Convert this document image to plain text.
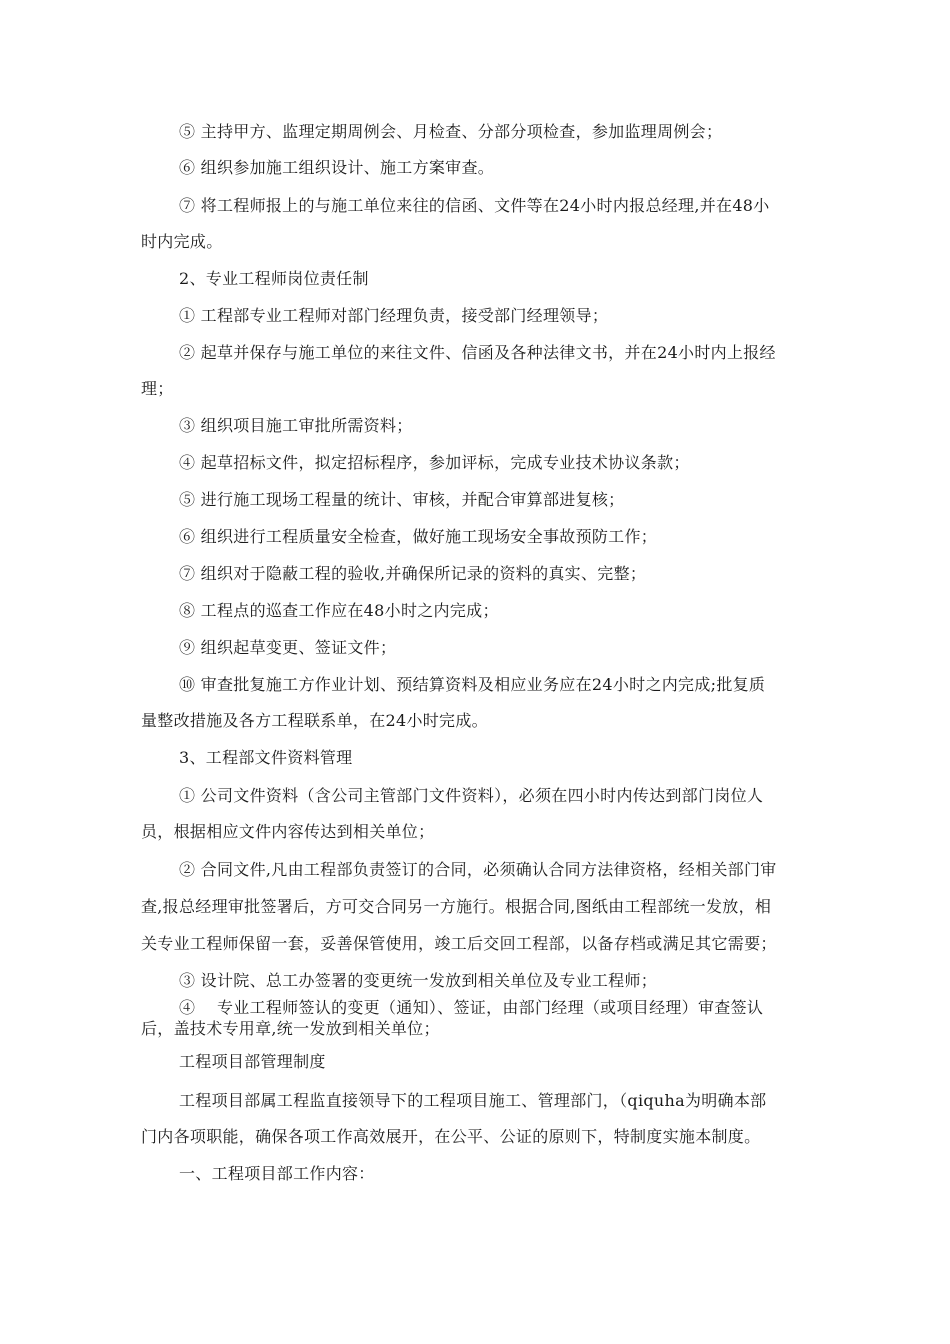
⑤ 主持甲方、监理定期周例会、月检查、分部分项检查，参加监理周例会；
⑥ 组织参加施工组织设计、施工方案审查。
⑦ 将工程师报上的与施工单位来往的信函、文件等在24小时内报总经理,并在48小
时内完成。
2、专业工程师岗位责任制
① 工程部专业工程师对部门经理负责，接受部门经理领导；
② 起草并保存与施工单位的来往文件、信函及各种法律文书，并在24小时内上报经
理；
③ 组织项目施工审批所需资料；
④ 起草招标文件，拟定招标程序，参加评标，完成专业技术协议条款；
⑤ 进行施工现场工程量的统计、审核，并配合审算部进复核；
⑥ 组织进行工程质量安全检查，做好施工现场安全事故预防工作；
⑦ 组织对于隐蔽工程的验收,并确保所记录的资料的真实、完整；
⑧ 工程点的巡查工作应在48小时之内完成；
⑨ 组织起草变更、签证文件；
⑩ 审查批复施工方作业计划、预结算资料及相应业务应在24小时之内完成;批复质
量整改措施及各方工程联系单，在24小时完成。
3、工程部文件资料管理
① 公司文件资料（含公司主管部门文件资料），必须在四小时内传达到部门岗位人
员，根据相应文件内容传达到相关单位；
② 合同文件,凡由工程部负责签订的合同，必须确认合同方法律资格，经相关部门审
查,报总经理审批签署后，方可交合同另一方施行。根据合同,图纸由工程部统一发放，相
关专业工程师保留一套，妥善保管使用，竣工后交回工程部，以备存档或满足其它需要；
③ 设计院、总工办签署的变更统一发放到相关单位及专业工程师；
④ 　专业工程师签认的变更（通知）、签证，由部门经理（或项目经理）审查签认
后，盖技术专用章,统一发放到相关单位；
工程项目部管理制度
工程项目部属工程监直接领导下的工程项目施工、管理部门，（qiquha为明确本部
门内各项职能，确保各项工作高效展开，在公平、公证的原则下，特制度实施本制度。
一、工程项目部工作内容：
